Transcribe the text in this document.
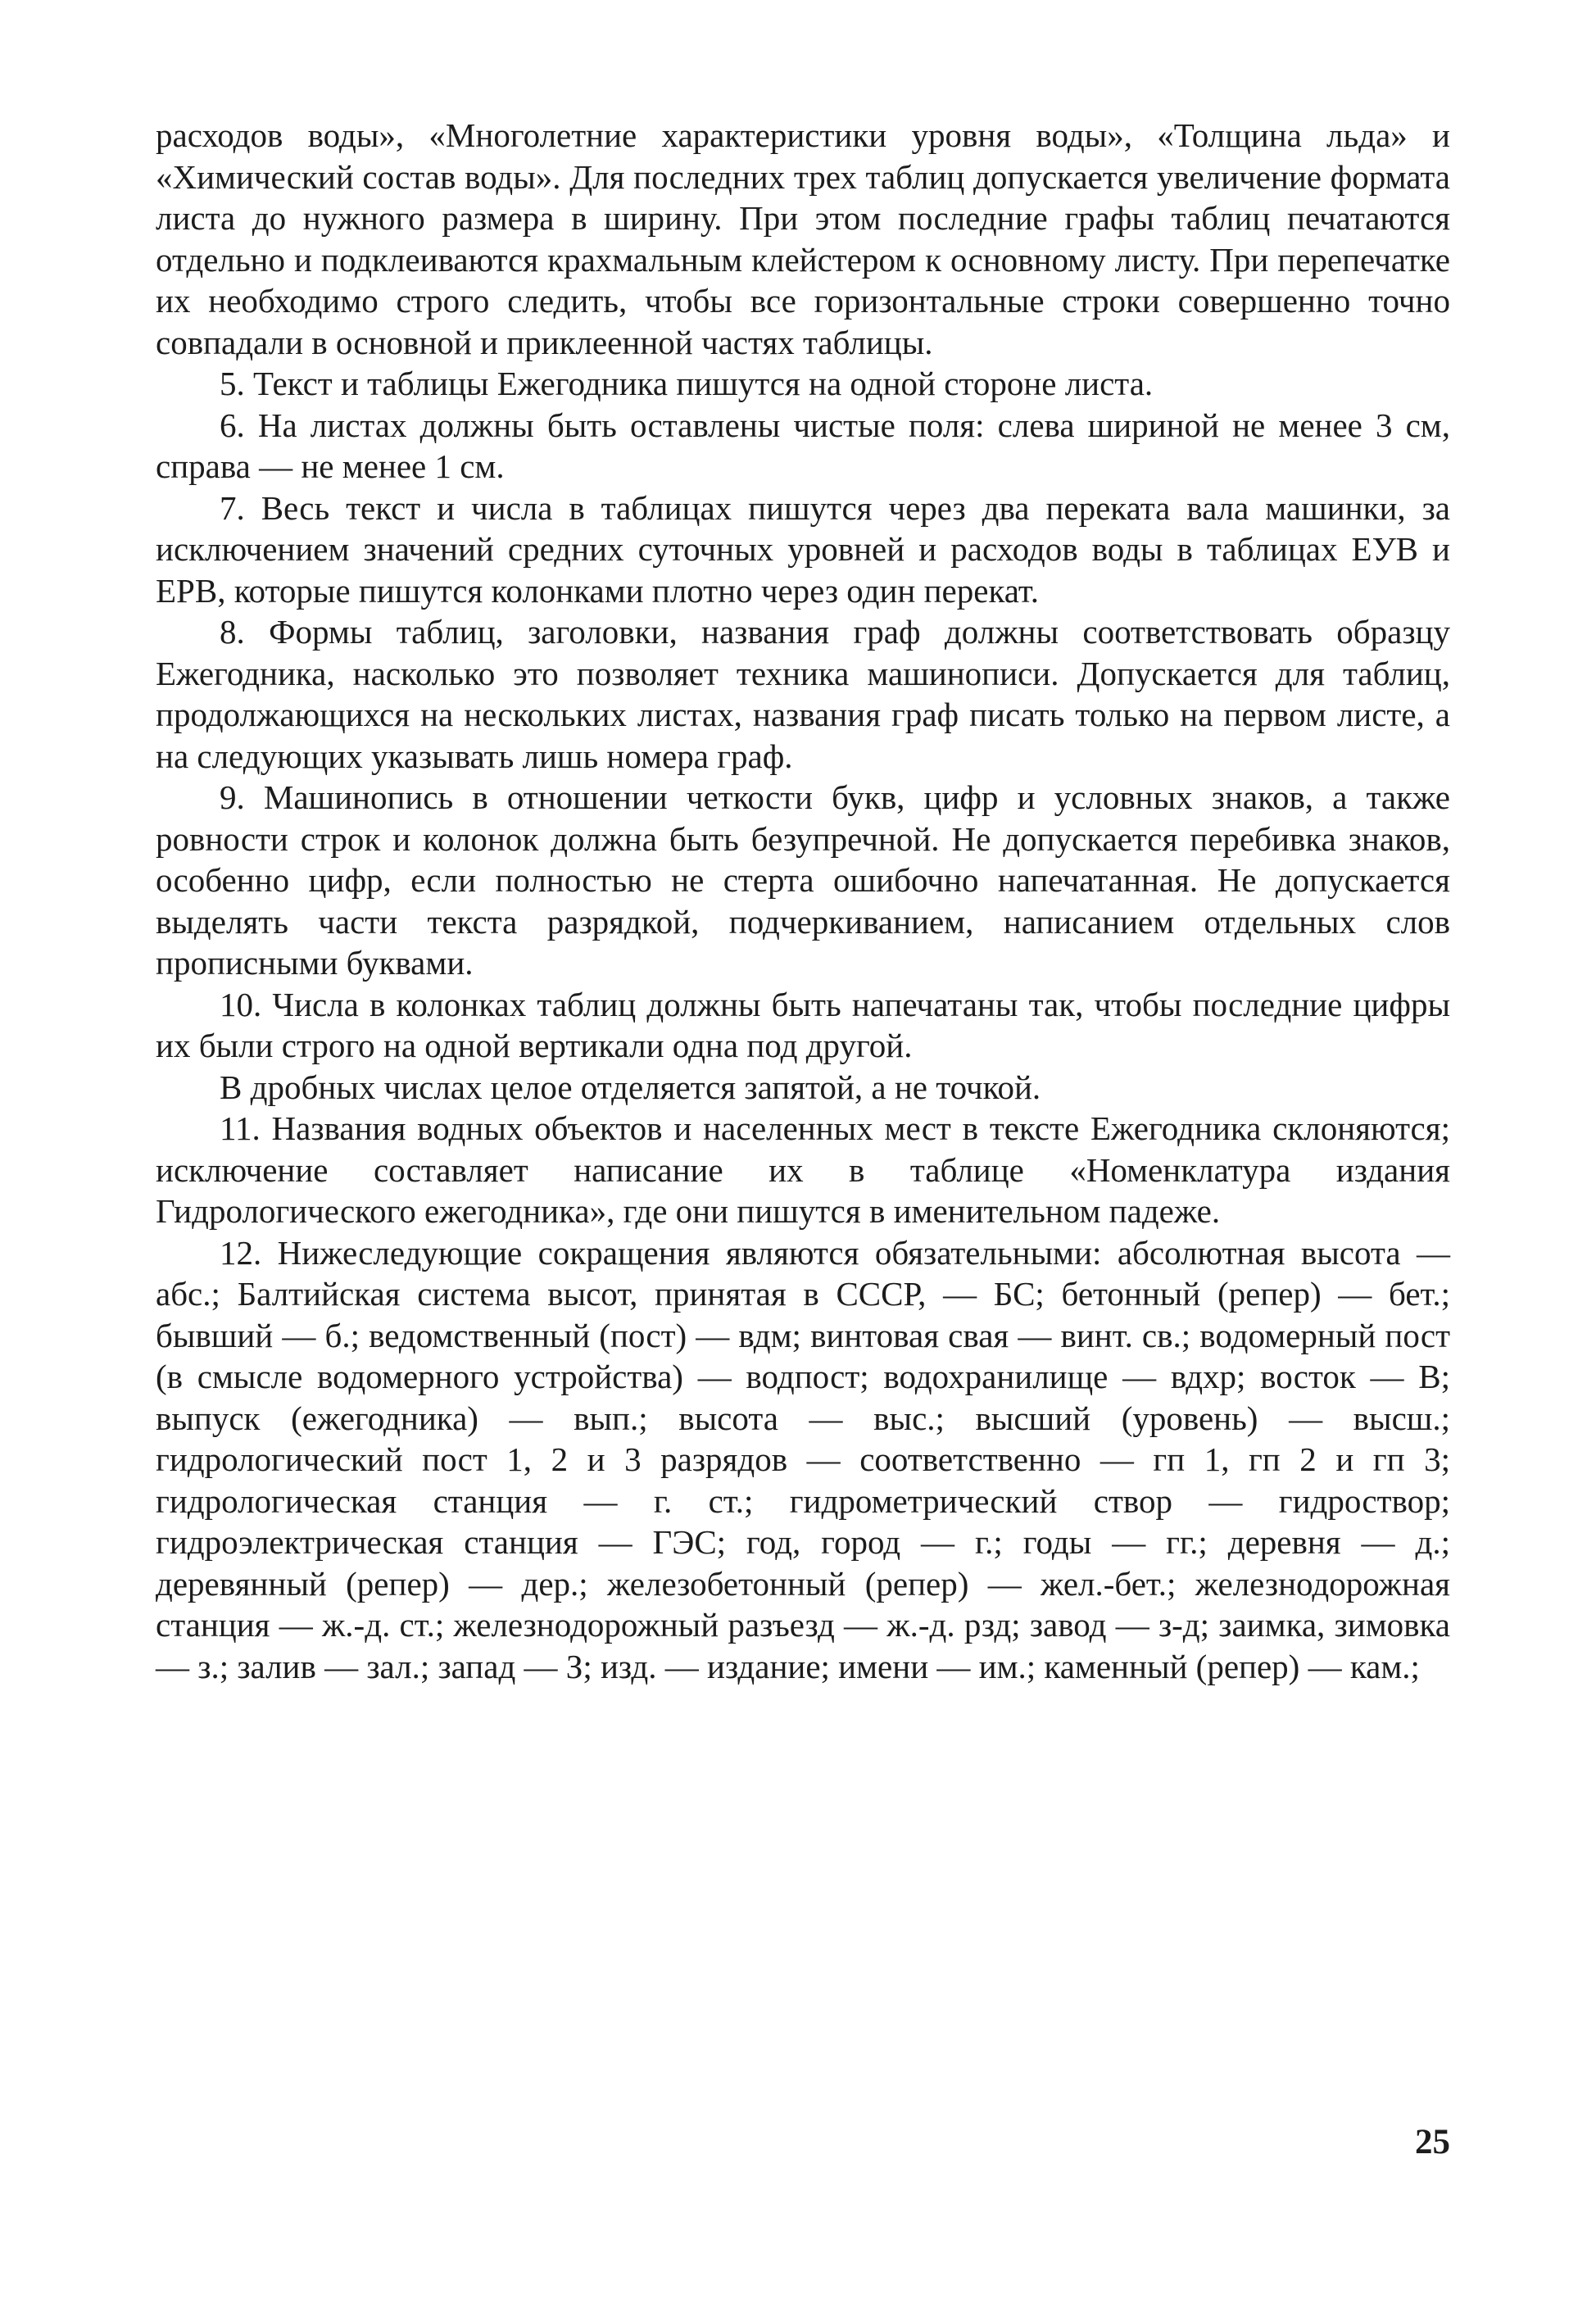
расходов воды», «Многолетние характеристики уровня воды», «Толщина льда» и «Химический состав воды». Для последних трех таблиц допускается увеличение формата листа до нужного размера в ширину. При этом последние графы таблиц печатаются отдельно и подклеиваются крахмальным клейстером к основному листу. При перепечатке их необходимо строго следить, чтобы все горизонтальные строки совершенно точно совпадали в основной и приклеенной частях таблицы.

5. Текст и таблицы Ежегодника пишутся на одной стороне листа.

6. На листах должны быть оставлены чистые поля: слева шириной не менее 3 см, справа — не менее 1 см.

7. Весь текст и числа в таблицах пишутся через два переката вала машинки, за исключением значений средних суточных уровней и расходов воды в таблицах ЕУВ и ЕРВ, которые пишутся колонками плотно через один перекат.

8. Формы таблиц, заголовки, названия граф должны соответствовать образцу Ежегодника, насколько это позволяет техника машинописи. Допускается для таблиц, продолжающихся на нескольких листах, названия граф писать только на первом листе, а на следующих указывать лишь номера граф.

9. Машинопись в отношении четкости букв, цифр и условных знаков, а также ровности строк и колонок должна быть безупречной. Не допускается перебивка знаков, особенно цифр, если полностью не стерта ошибочно напечатанная. Не допускается выделять части текста разрядкой, подчеркиванием, написанием отдельных слов прописными буквами.

10. Числа в колонках таблиц должны быть напечатаны так, чтобы последние цифры их были строго на одной вертикали одна под другой.

В дробных числах целое отделяется запятой, а не точкой.

11. Названия водных объектов и населенных мест в тексте Ежегодника склоняются; исключение составляет написание их в таблице «Номенклатура издания Гидрологического ежегодника», где они пишутся в именительном падеже.

12. Нижеследующие сокращения являются обязательными: абсолютная высота — абс.; Балтийская система высот, принятая в СССР, — БС; бетонный (репер) — бет.; бывший — б.; ведомственный (пост) — вдм; винтовая свая — винт. св.; водомерный пост (в смысле водомерного устройства) — водпост; водохранилище — вдхр; восток — В; выпуск (ежегодника) — вып.; высота — выс.; высший (уровень) — высш.; гидрологический пост 1, 2 и 3 разрядов — соответственно — гп 1, гп 2 и гп 3; гидрологическая станция — г. ст.; гидрометрический створ — гидроствор; гидроэлектрическая станция — ГЭС; год, город — г.; годы — гг.; деревня — д.; деревянный (репер) — дер.; железобетонный (репер) — жел.-бет.; железнодорожная станция — ж.-д. ст.; железнодорожный разъезд — ж.-д. рзд; завод — з-д; заимка, зимовка — з.; залив — зал.; запад — З; изд. — издание; имени — им.; каменный (репер) — кам.;

25
